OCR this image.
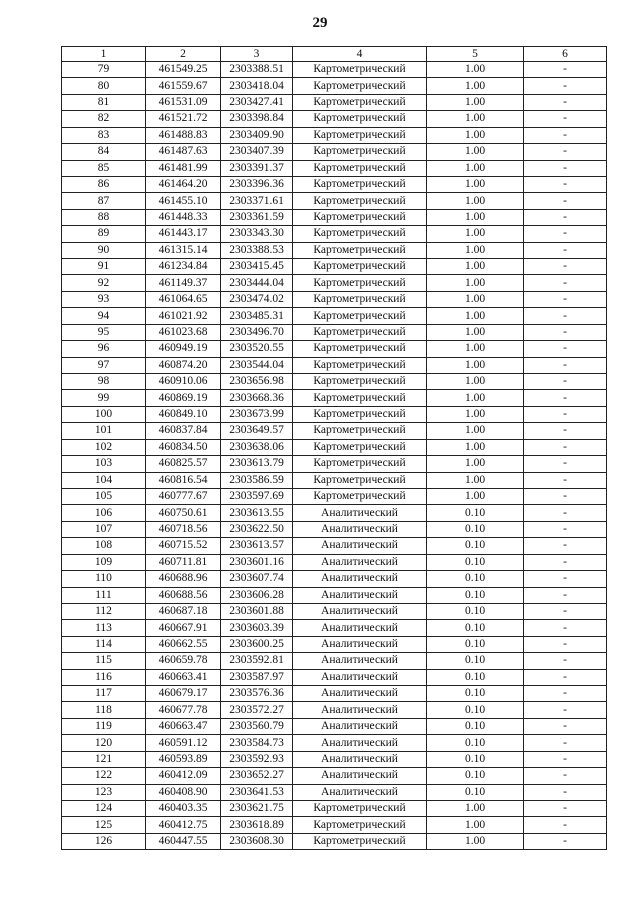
29
1	2	3	4	5	6
79	461549.25	2303388.51	Картометрический	1.00	-
80	461559.67	2303418.04	Картометрический	1.00	-
81	461531.09	2303427.41	Картометрический	1.00	-
82	461521.72	2303398.84	Картометрический	1.00	-
83	461488.83	2303409.90	Картометрический	1.00	-
84	461487.63	2303407.39	Картометрический	1.00	-
85	461481.99	2303391.37	Картометрический	1.00	-
86	461464.20	2303396.36	Картометрический	1.00	-
87	461455.10	2303371.61	Картометрический	1.00	-
88	461448.33	2303361.59	Картометрический	1.00	-
89	461443.17	2303343.30	Картометрический	1.00	-
90	461315.14	2303388.53	Картометрический	1.00	-
91	461234.84	2303415.45	Картометрический	1.00	-
92	461149.37	2303444.04	Картометрический	1.00	-
93	461064.65	2303474.02	Картометрический	1.00	-
94	461021.92	2303485.31	Картометрический	1.00	-
95	461023.68	2303496.70	Картометрический	1.00	-
96	460949.19	2303520.55	Картометрический	1.00	-
97	460874.20	2303544.04	Картометрический	1.00	-
98	460910.06	2303656.98	Картометрический	1.00	-
99	460869.19	2303668.36	Картометрический	1.00	-
100	460849.10	2303673.99	Картометрический	1.00	-
101	460837.84	2303649.57	Картометрический	1.00	-
102	460834.50	2303638.06	Картометрический	1.00	-
103	460825.57	2303613.79	Картометрический	1.00	-
104	460816.54	2303586.59	Картометрический	1.00	-
105	460777.67	2303597.69	Картометрический	1.00	-
106	460750.61	2303613.55	Аналитический	0.10	-
107	460718.56	2303622.50	Аналитический	0.10	-
108	460715.52	2303613.57	Аналитический	0.10	-
109	460711.81	2303601.16	Аналитический	0.10	-
110	460688.96	2303607.74	Аналитический	0.10	-
111	460688.56	2303606.28	Аналитический	0.10	-
112	460687.18	2303601.88	Аналитический	0.10	-
113	460667.91	2303603.39	Аналитический	0.10	-
114	460662.55	2303600.25	Аналитический	0.10	-
115	460659.78	2303592.81	Аналитический	0.10	-
116	460663.41	2303587.97	Аналитический	0.10	-
117	460679.17	2303576.36	Аналитический	0.10	-
118	460677.78	2303572.27	Аналитический	0.10	-
119	460663.47	2303560.79	Аналитический	0.10	-
120	460591.12	2303584.73	Аналитический	0.10	-
121	460593.89	2303592.93	Аналитический	0.10	-
122	460412.09	2303652.27	Аналитический	0.10	-
123	460408.90	2303641.53	Аналитический	0.10	-
124	460403.35	2303621.75	Картометрический	1.00	-
125	460412.75	2303618.89	Картометрический	1.00	-
126	460447.55	2303608.30	Картометрический	1.00	-
